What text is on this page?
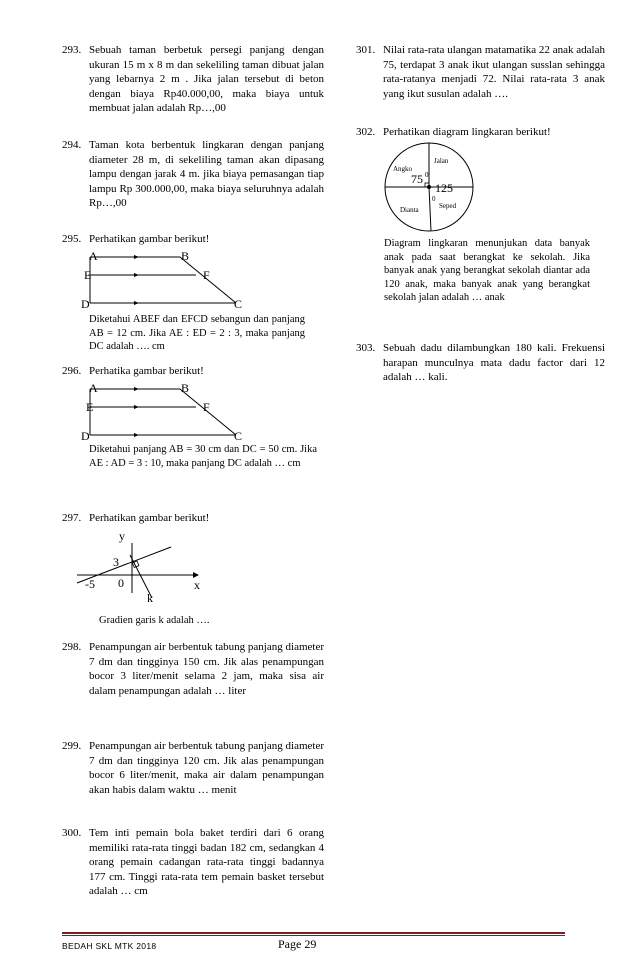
293. Sebuah taman berbetuk persegi panjang dengan ukuran 15 m x 8 m dan sekeliling taman dibuat jalan yang lebarnya 2 m . Jika jalan tersebut di beton dengan biaya Rp40.000,00, maka biaya untuk membuat jalan adalah Rp…,00
294. Taman kota berbentuk lingkaran dengan panjang diameter 28 m, di sekeliling taman akan dipasang lampu dengan jarak 4 m. jika biaya pemasangan tiap lampu Rp 300.000,00, maka biaya seluruhnya adalah Rp…,00
295. Perhatikan gambar berikut!
A	B
E	F
D	C
Diketahui ABEF dan EFCD sebangun dan panjang AB = 12 cm. Jika AE : ED = 2 : 3, maka panjang DC adalah …. cm
296. Perhatika gambar berikut!
A	B
E	F
D	C
Diketahui panjang AB = 30 cm dan DC = 50 cm. Jika AE : AD = 3 : 10, maka panjang DC adalah … cm
297. Perhatikan gambar berikut!
y
3
-5 0	x
k
Gradien garis k adalah ….
298. Penampungan air berbentuk tabung panjang diameter 7 dm dan tingginya 150 cm. Jik alas penampungan bocor 3 liter/menit selama 2 jam, maka sisa air dalam penampungan adalah … liter
299. Penampungan air berbentuk tabung panjang diameter 7 dm dan tingginya 120 cm. Jik alas penampungan bocor 6 liter/menit, maka air dalam penampungan akan habis dalam waktu … menit
300. Tem inti pemain bola baket terdiri dari 6 orang memiliki rata-rata tinggi badan 182 cm, sedangkan 4 orang pemain cadangan rata-rata tinggi badannya 177 cm. Tinggi rata-rata tem pemain basket tersebut adalah … cm
301. Nilai rata-rata ulangan matamatika 22 anak adalah 75, terdapat 3 anak ikut ulangan susslan sehingga rata-ratanya menjadi 72. Nilai rata-rata 3 anak yang ikut susulan adalah ….
302. Perhatikan diagram lingkaran berikut!
Angko
Jalan
75 0
125
0
Dianta	Seped
Diagram lingkaran menunjukan data banyak anak pada saat berangkat ke sekolah. Jika banyak anak yang berangkat sekolah diantar ada 120 anak, maka banyak anak yang berangkat sekolah jalan adalah … anak
303. Sebuah dadu dilambungkan 180 kali. Frekuensi harapan munculnya mata dadu factor dari 12 adalah … kali.
BEDAH SKL MTK 2018	Page 29
